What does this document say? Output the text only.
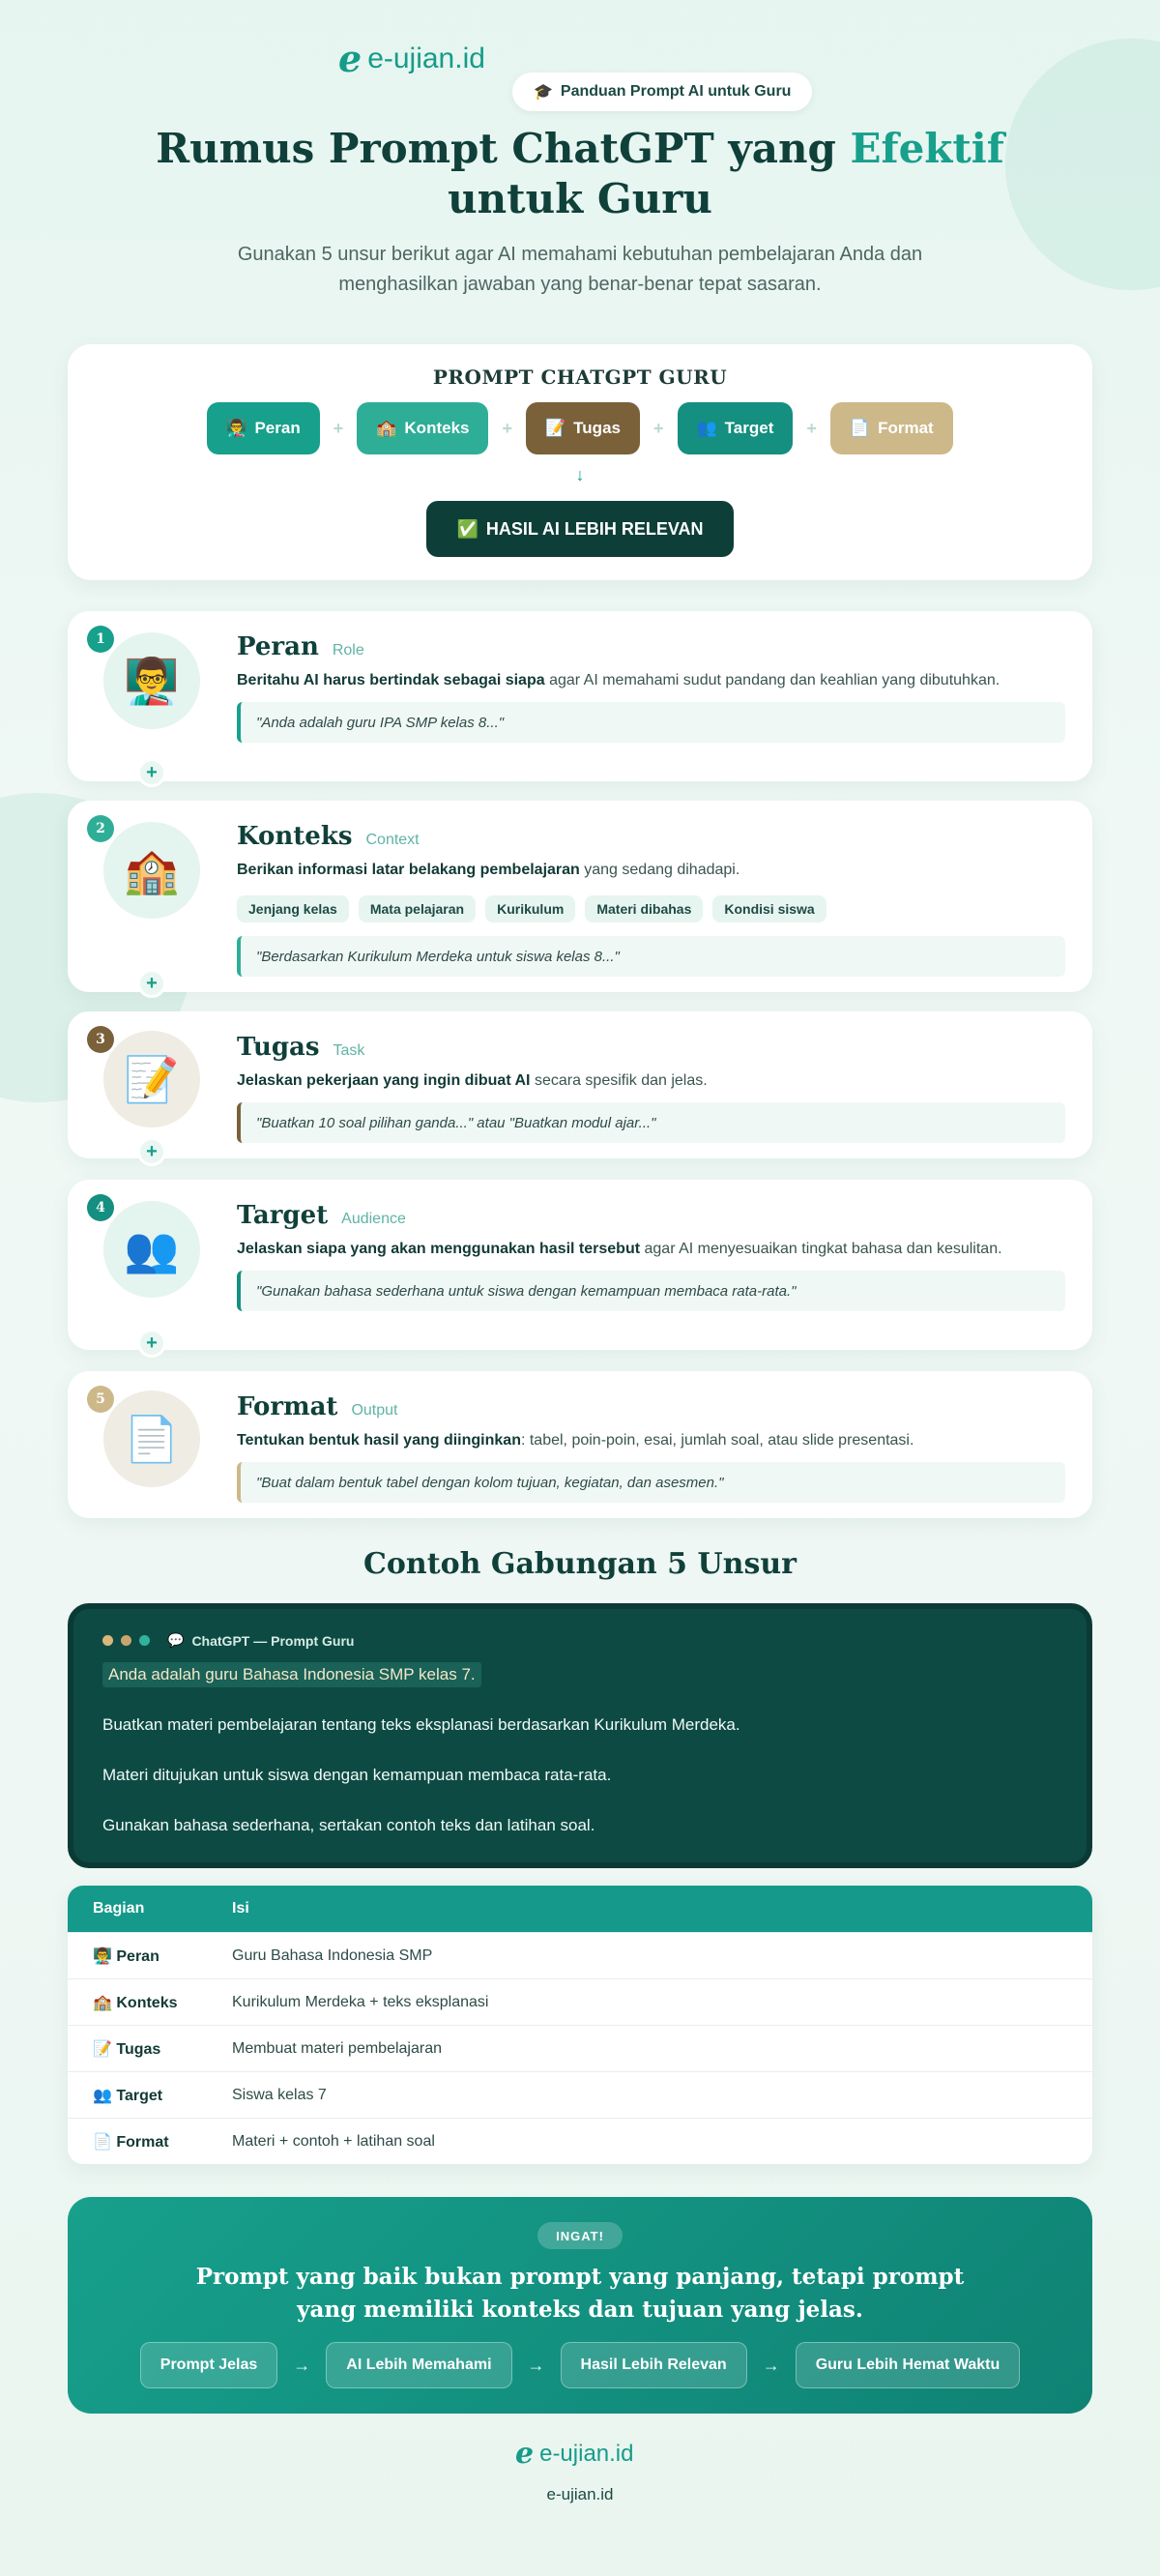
e e-ujian.id
🎓 Panduan Prompt AI untuk Guru
Rumus Prompt ChatGPT yang Efektif untuk Guru

Gunakan 5 unsur berikut agar AI memahami kebutuhan pembelajaran Anda dan menghasilkan jawaban yang benar-benar tepat sasaran.

PROMPT CHATGPT GURU
👨‍🏫 Peran + 🏫 Konteks + 📝 Tugas + 👥 Target + 📄 Format
↓
✅ HASIL AI LEBIH RELEVAN
1
👨‍🏫
Peran Role
Beritahu AI harus bertindak sebagai siapa agar AI memahami sudut pandang dan keahlian yang dibutuhkan.
"Anda adalah guru IPA SMP kelas 8..."
+
2
🏫
Konteks Context
Berikan informasi latar belakang pembelajaran yang sedang dihadapi.
Jenjang kelas	Mata pelajaran	Kurikulum	Materi dibahas	Kondisi siswa
"Berdasarkan Kurikulum Merdeka untuk siswa kelas 8..."
+
3
📝
Tugas Task
Jelaskan pekerjaan yang ingin dibuat AI secara spesifik dan jelas.
"Buatkan 10 soal pilihan ganda..." atau "Buatkan modul ajar..."
+
4
👥
Target Audience
Jelaskan siapa yang akan menggunakan hasil tersebut agar AI menyesuaikan tingkat bahasa dan kesulitan.
"Gunakan bahasa sederhana untuk siswa dengan kemampuan membaca rata-rata."
+
5
📄
Format Output
Tentukan bentuk hasil yang diinginkan: tabel, poin-poin, esai, jumlah soal, atau slide presentasi.
"Buat dalam bentuk tabel dengan kolom tujuan, kegiatan, dan asesmen."
Contoh Gabungan 5 Unsur
💬 ChatGPT — Prompt Guru
Anda adalah guru Bahasa Indonesia SMP kelas 7.
Buatkan materi pembelajaran tentang teks eksplanasi berdasarkan Kurikulum Merdeka.
Materi ditujukan untuk siswa dengan kemampuan membaca rata-rata.
Gunakan bahasa sederhana, sertakan contoh teks dan latihan soal.
Bagian	Isi
👨‍🏫 Peran	Guru Bahasa Indonesia SMP
🏫 Konteks	Kurikulum Merdeka + teks eksplanasi
📝 Tugas	Membuat materi pembelajaran
👥 Target	Siswa kelas 7
📄 Format	Materi + contoh + latihan soal
INGAT!
Prompt yang baik bukan prompt yang panjang, tetapi prompt yang memiliki konteks dan tujuan yang jelas.
Prompt Jelas	→	AI Lebih Memahami	→	Hasil Lebih Relevan	→	Guru Lebih Hemat Waktu
e e-ujian.id
e-ujian.id
